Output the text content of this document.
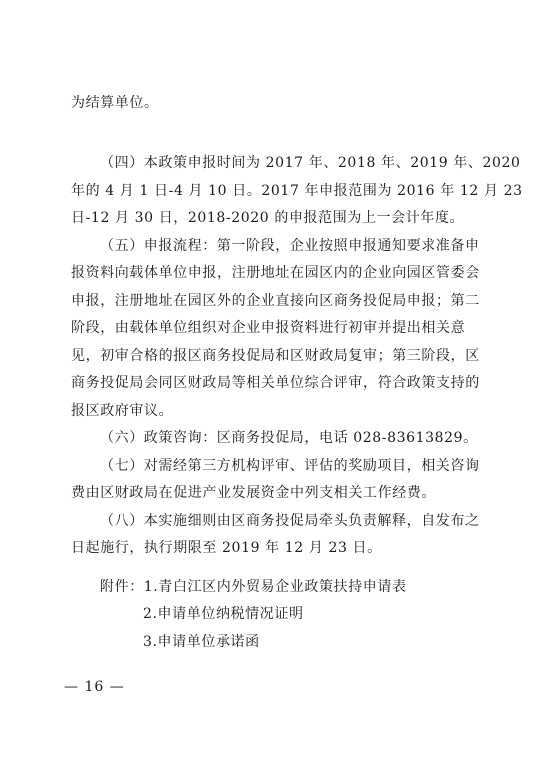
为结算单位。
（四）本政策申报时间为 2017 年、2018 年、2019 年、2020
年的 4 月 1 日-4 月 10 日。2017 年申报范围为 2016 年 12 月 23
日-12 月 30 日，2018-2020 的申报范围为上一会计年度。
（五）申报流程：第一阶段，企业按照申报通知要求准备申
报资料向载体单位申报，注册地址在园区内的企业向园区管委会
申报，注册地址在园区外的企业直接向区商务投促局申报；第二
阶段，由载体单位组织对企业申报资料进行初审并提出相关意
见，初审合格的报区商务投促局和区财政局复审；第三阶段，区
商务投促局会同区财政局等相关单位综合评审，符合政策支持的
报区政府审议。
（六）政策咨询：区商务投促局，电话 028-83613829。
（七）对需经第三方机构评审、评估的奖励项目，相关咨询
费由区财政局在促进产业发展资金中列支相关工作经费。
（八）本实施细则由区商务投促局牵头负责解释，自发布之
日起施行，执行期限至 2019 年 12 月 23 日。
附件：1.青白江区内外贸易企业政策扶持申请表
2.申请单位纳税情况证明
3.申请单位承诺函
— 16 —
